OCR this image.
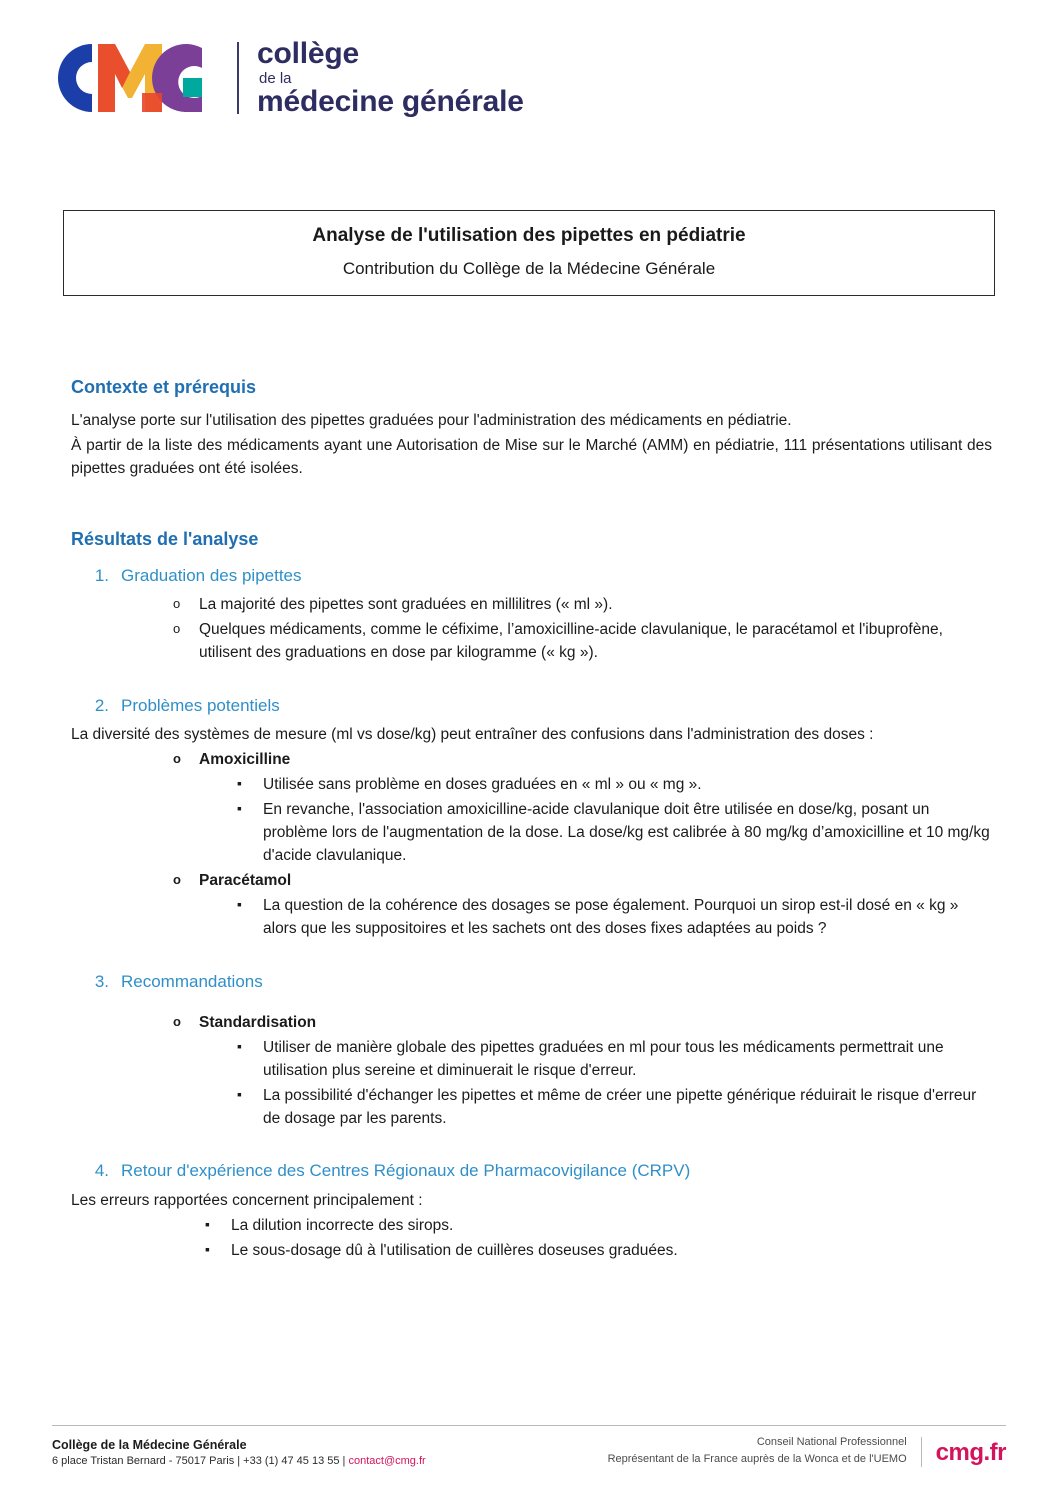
collège
de la
médecine générale
Analyse de l'utilisation des pipettes en pédiatrie
Contribution du Collège de la Médecine Générale
Contexte et prérequis

L'analyse porte sur l'utilisation des pipettes graduées pour l'administration des médicaments en pédiatrie.

À partir de la liste des médicaments ayant une Autorisation de Mise sur le Marché (AMM) en pédiatrie, 111 présentations utilisant des pipettes graduées ont été isolées.

Résultats de l'analyse
1. Graduation des pipettes
o La majorité des pipettes sont graduées en millilitres (« ml »).
o Quelques médicaments, comme le céfixime, l’amoxicilline-acide clavulanique, le paracétamol et l'ibuprofène, utilisent des graduations en dose par kilogramme (« kg »).
2. Problèmes potentiels

La diversité des systèmes de mesure (ml vs dose/kg) peut entraîner des confusions dans l'administration des doses :

o Amoxicilline
▪ Utilisée sans problème en doses graduées en « ml » ou « mg ».
▪ En revanche, l'association amoxicilline-acide clavulanique doit être utilisée en dose/kg, posant un problème lors de l'augmentation de la dose. La dose/kg est calibrée à 80 mg/kg d’amoxicilline et 10 mg/kg d'acide clavulanique.
o Paracétamol
▪ La question de la cohérence des dosages se pose également. Pourquoi un sirop est-il dosé en « kg » alors que les suppositoires et les sachets ont des doses fixes adaptées au poids ?
3. Recommandations
o Standardisation
▪ Utiliser de manière globale des pipettes graduées en ml pour tous les médicaments permettrait une utilisation plus sereine et diminuerait le risque d'erreur.
▪ La possibilité d'échanger les pipettes et même de créer une pipette générique réduirait le risque d'erreur de dosage par les parents.
4. Retour d'expérience des Centres Régionaux de Pharmacovigilance (CRPV)

Les erreurs rapportées concernent principalement :

▪ La dilution incorrecte des sirops.
▪ Le sous-dosage dû à l'utilisation de cuillères doseuses graduées.
Collège de la Médecine Générale
6 place Tristan Bernard - 75017 Paris | +33 (1) 47 45 13 55 | contact@cmg.fr
Conseil National Professionnel
Représentant de la France auprès de la Wonca et de l'UEMO cmg.fr
